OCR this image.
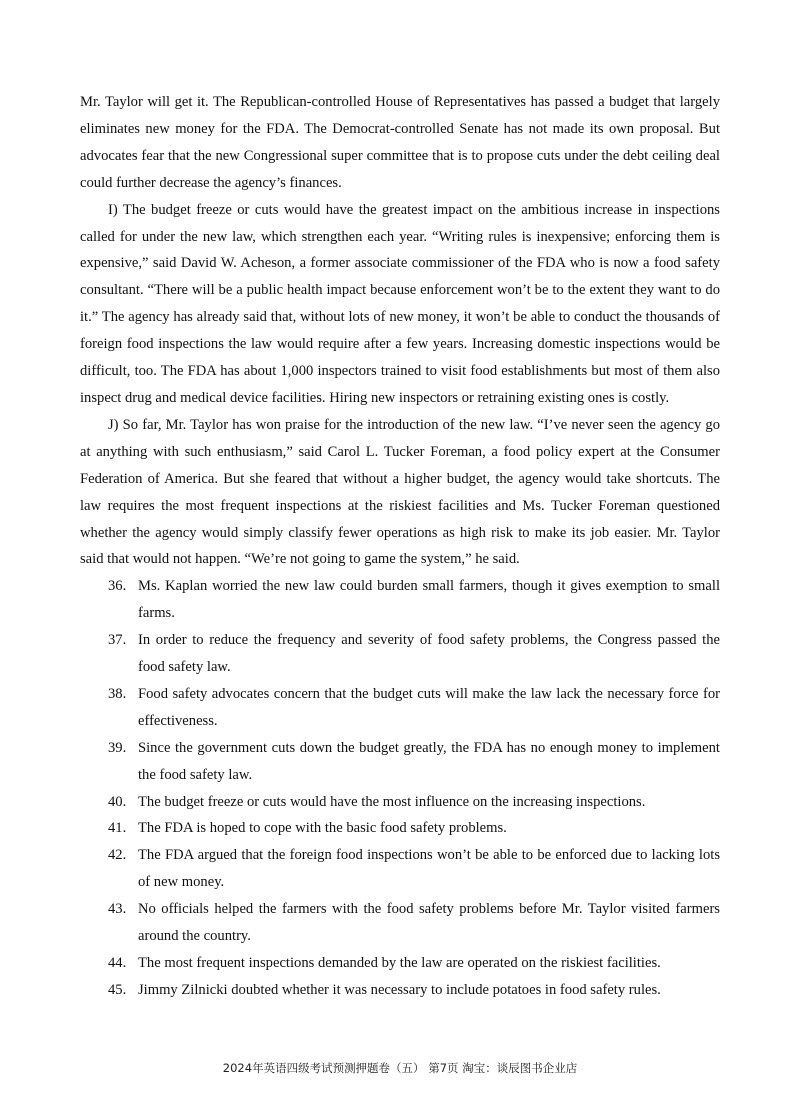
Mr. Taylor will get it. The Republican-controlled House of Representatives has passed a budget that largely eliminates new money for the FDA. The Democrat-controlled Senate has not made its own proposal. But advocates fear that the new Congressional super committee that is to propose cuts under the debt ceiling deal could further decrease the agency’s finances.

I) The budget freeze or cuts would have the greatest impact on the ambitious increase in inspections called for under the new law, which strengthen each year. “Writing rules is inexpensive; enforcing them is expensive,” said David W. Acheson, a former associate commissioner of the FDA who is now a food safety consultant. “There will be a public health impact because enforcement won’t be to the extent they want to do it.” The agency has already said that, without lots of new money, it won’t be able to conduct the thousands of foreign food inspections the law would require after a few years. Increasing domestic inspections would be difficult, too. The FDA has about 1,000 inspectors trained to visit food establishments but most of them also inspect drug and medical device facilities. Hiring new inspectors or retraining existing ones is costly.

J) So far, Mr. Taylor has won praise for the introduction of the new law. “I’ve never seen the agency go at anything with such enthusiasm,” said Carol L. Tucker Foreman, a food policy expert at the Consumer Federation of America. But she feared that without a higher budget, the agency would take shortcuts. The law requires the most frequent inspections at the riskiest facilities and Ms. Tucker Foreman questioned whether the agency would simply classify fewer operations as high risk to make its job easier. Mr. Taylor said that would not happen. “We’re not going to game the system,” he said.

36. Ms. Kaplan worried the new law could burden small farmers, though it gives exemption to small farms.
37. In order to reduce the frequency and severity of food safety problems, the Congress passed the food safety law.
38. Food safety advocates concern that the budget cuts will make the law lack the necessary force for effectiveness.
39. Since the government cuts down the budget greatly, the FDA has no enough money to implement the food safety law.
40. The budget freeze or cuts would have the most influence on the increasing inspections.
41. The FDA is hoped to cope with the basic food safety problems.
42. The FDA argued that the foreign food inspections won’t be able to be enforced due to lacking lots of new money.
43. No officials helped the farmers with the food safety problems before Mr. Taylor visited farmers around the country.
44. The most frequent inspections demanded by the law are operated on the riskiest facilities.
45. Jimmy Zilnicki doubted whether it was necessary to include potatoes in food safety rules.
2024年英语四级考试预测押题卷（五） 第7页 淘宝：谈辰图书企业店
